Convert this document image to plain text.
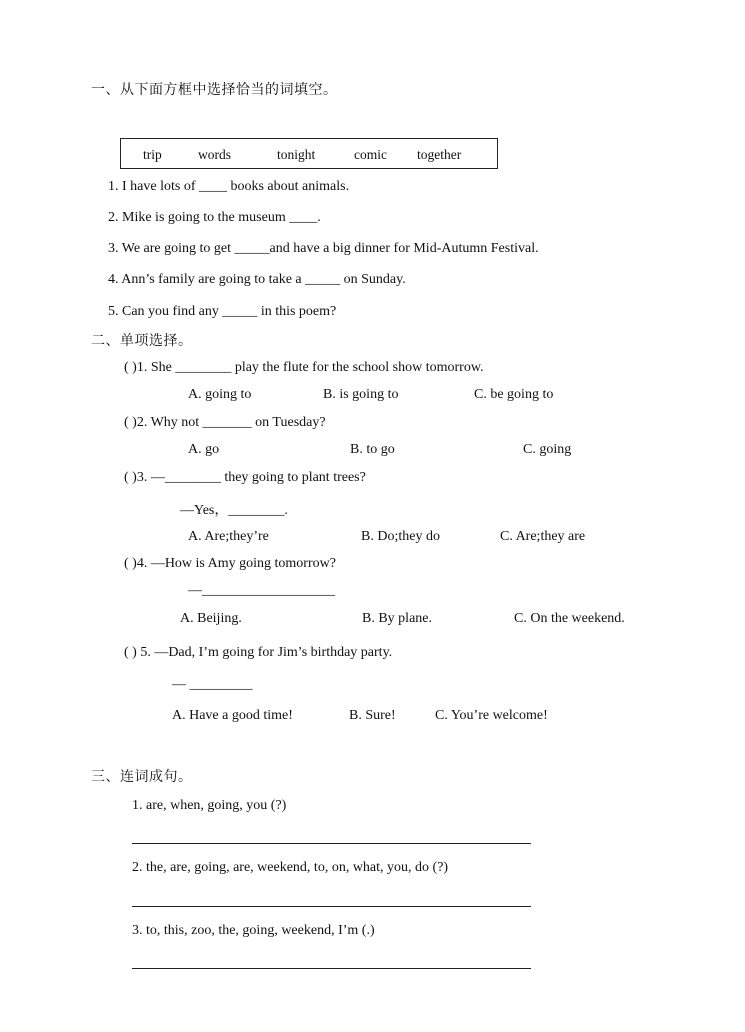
一、从下面方框中选择恰当的词填空。
trip	words	tonight	comic together
1. I have lots of ____ books about animals.
2. Mike is going to the museum ____.
3. We are going to get _____and have a big dinner for Mid-Autumn Festival.
4. Ann’s family are going to take a _____ on Sunday.
5. Can you find any _____ in this poem?
二、单项选择。
( )1. She ________ play the flute for the school show tomorrow.
A. going to	B. is going to	C. be going to
( )2. Why not _______ on Tuesday?
A. go	B. to go	C. going
( )3. —________ they going to plant trees?
—Yes，________.
A. Are;they’re	B. Do;they do	C. Are;they are
( )4. —How is Amy going tomorrow?
—___________________
A. Beijing.	B. By plane.	C. On the weekend.
( ) 5. —Dad, I’m going for Jim’s birthday party.
— _________
A. Have a good time!	B. Sure!	C. You’re welcome!
三、连词成句。
1. are, when, going, you (?)
2. the, are, going, are, weekend, to, on, what, you, do (?)
3. to, this, zoo, the, going, weekend, I’m (.)
